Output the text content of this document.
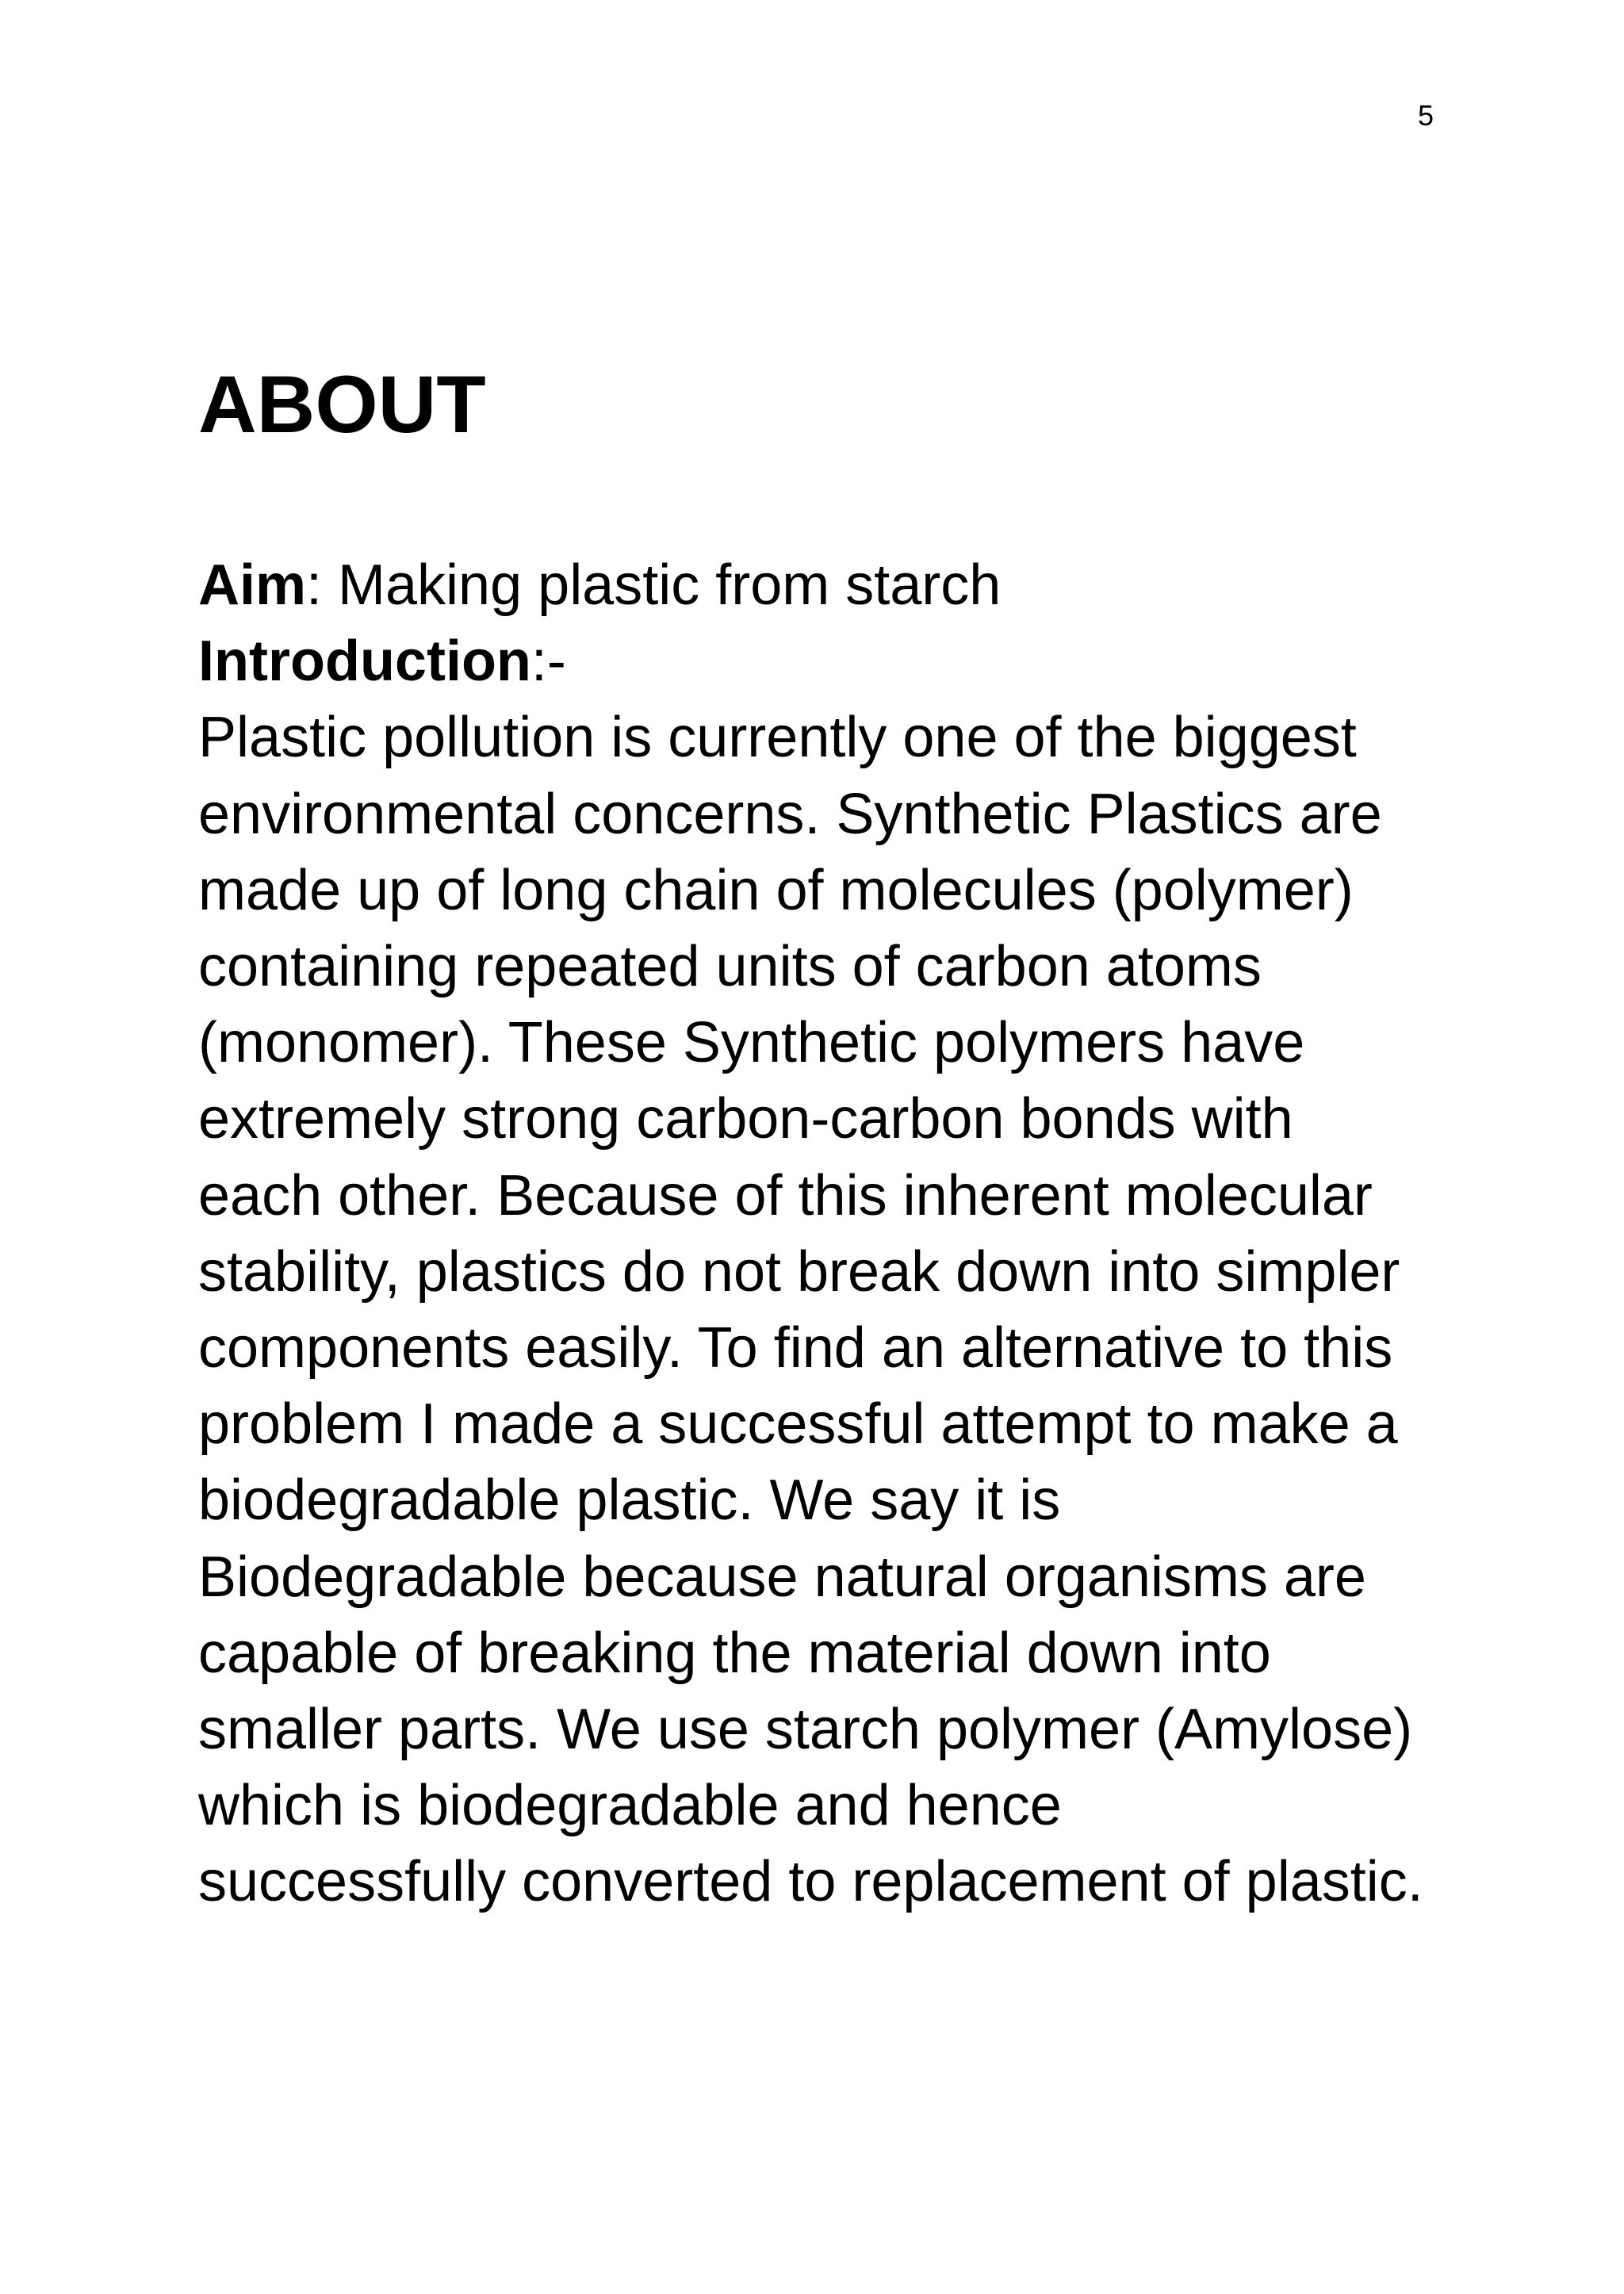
5
ABOUT
Aim: Making plastic from starch
Introduction:-
Plastic pollution is currently one of the biggest
environmental concerns. Synthetic Plastics are
made up of long chain of molecules (polymer)
containing repeated units of carbon atoms
(monomer). These Synthetic polymers have
extremely strong carbon-carbon bonds with
each other. Because of this inherent molecular
stability, plastics do not break down into simpler
components easily. To find an alternative to this
problem I made a successful attempt to make a
biodegradable plastic. We say it is
Biodegradable because natural organisms are
capable of breaking the material down into
smaller parts. We use starch polymer (Amylose)
which is biodegradable and hence
successfully converted to replacement of plastic.
